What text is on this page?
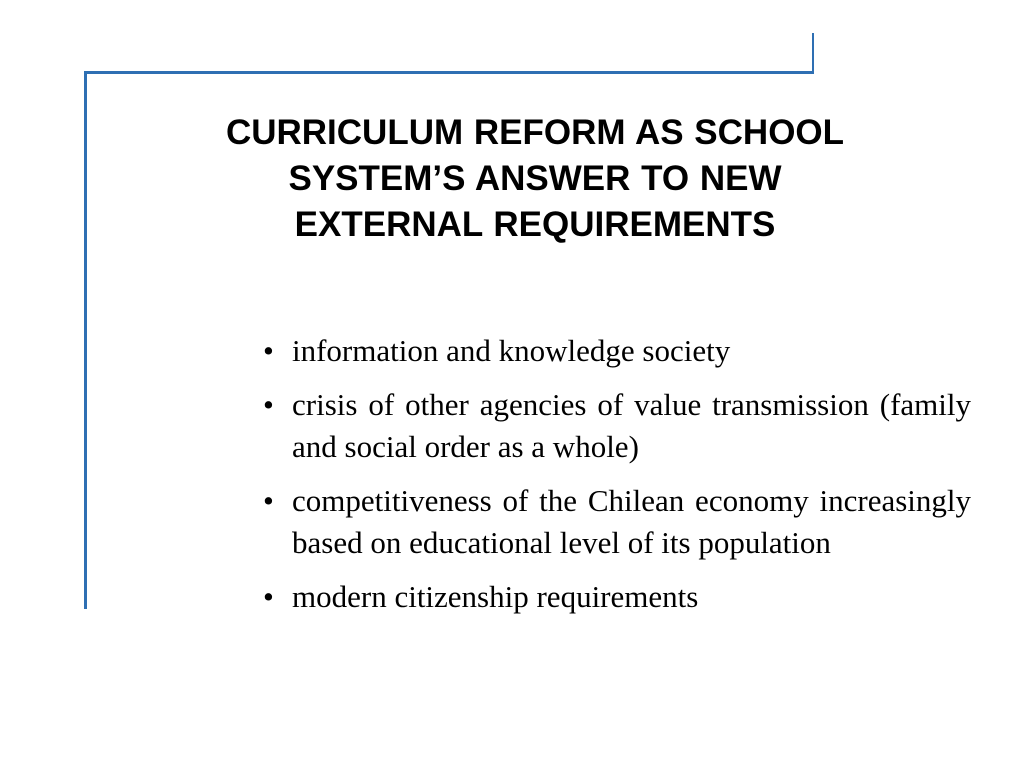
CURRICULUM REFORM AS SCHOOL
SYSTEM’S ANSWER TO NEW
EXTERNAL REQUIREMENTS
• information and knowledge society
• crisis of other agencies of value transmission (family and social order as a whole)
• competitiveness of the Chilean economy increasingly based on educational level of its population
• modern citizenship requirements
